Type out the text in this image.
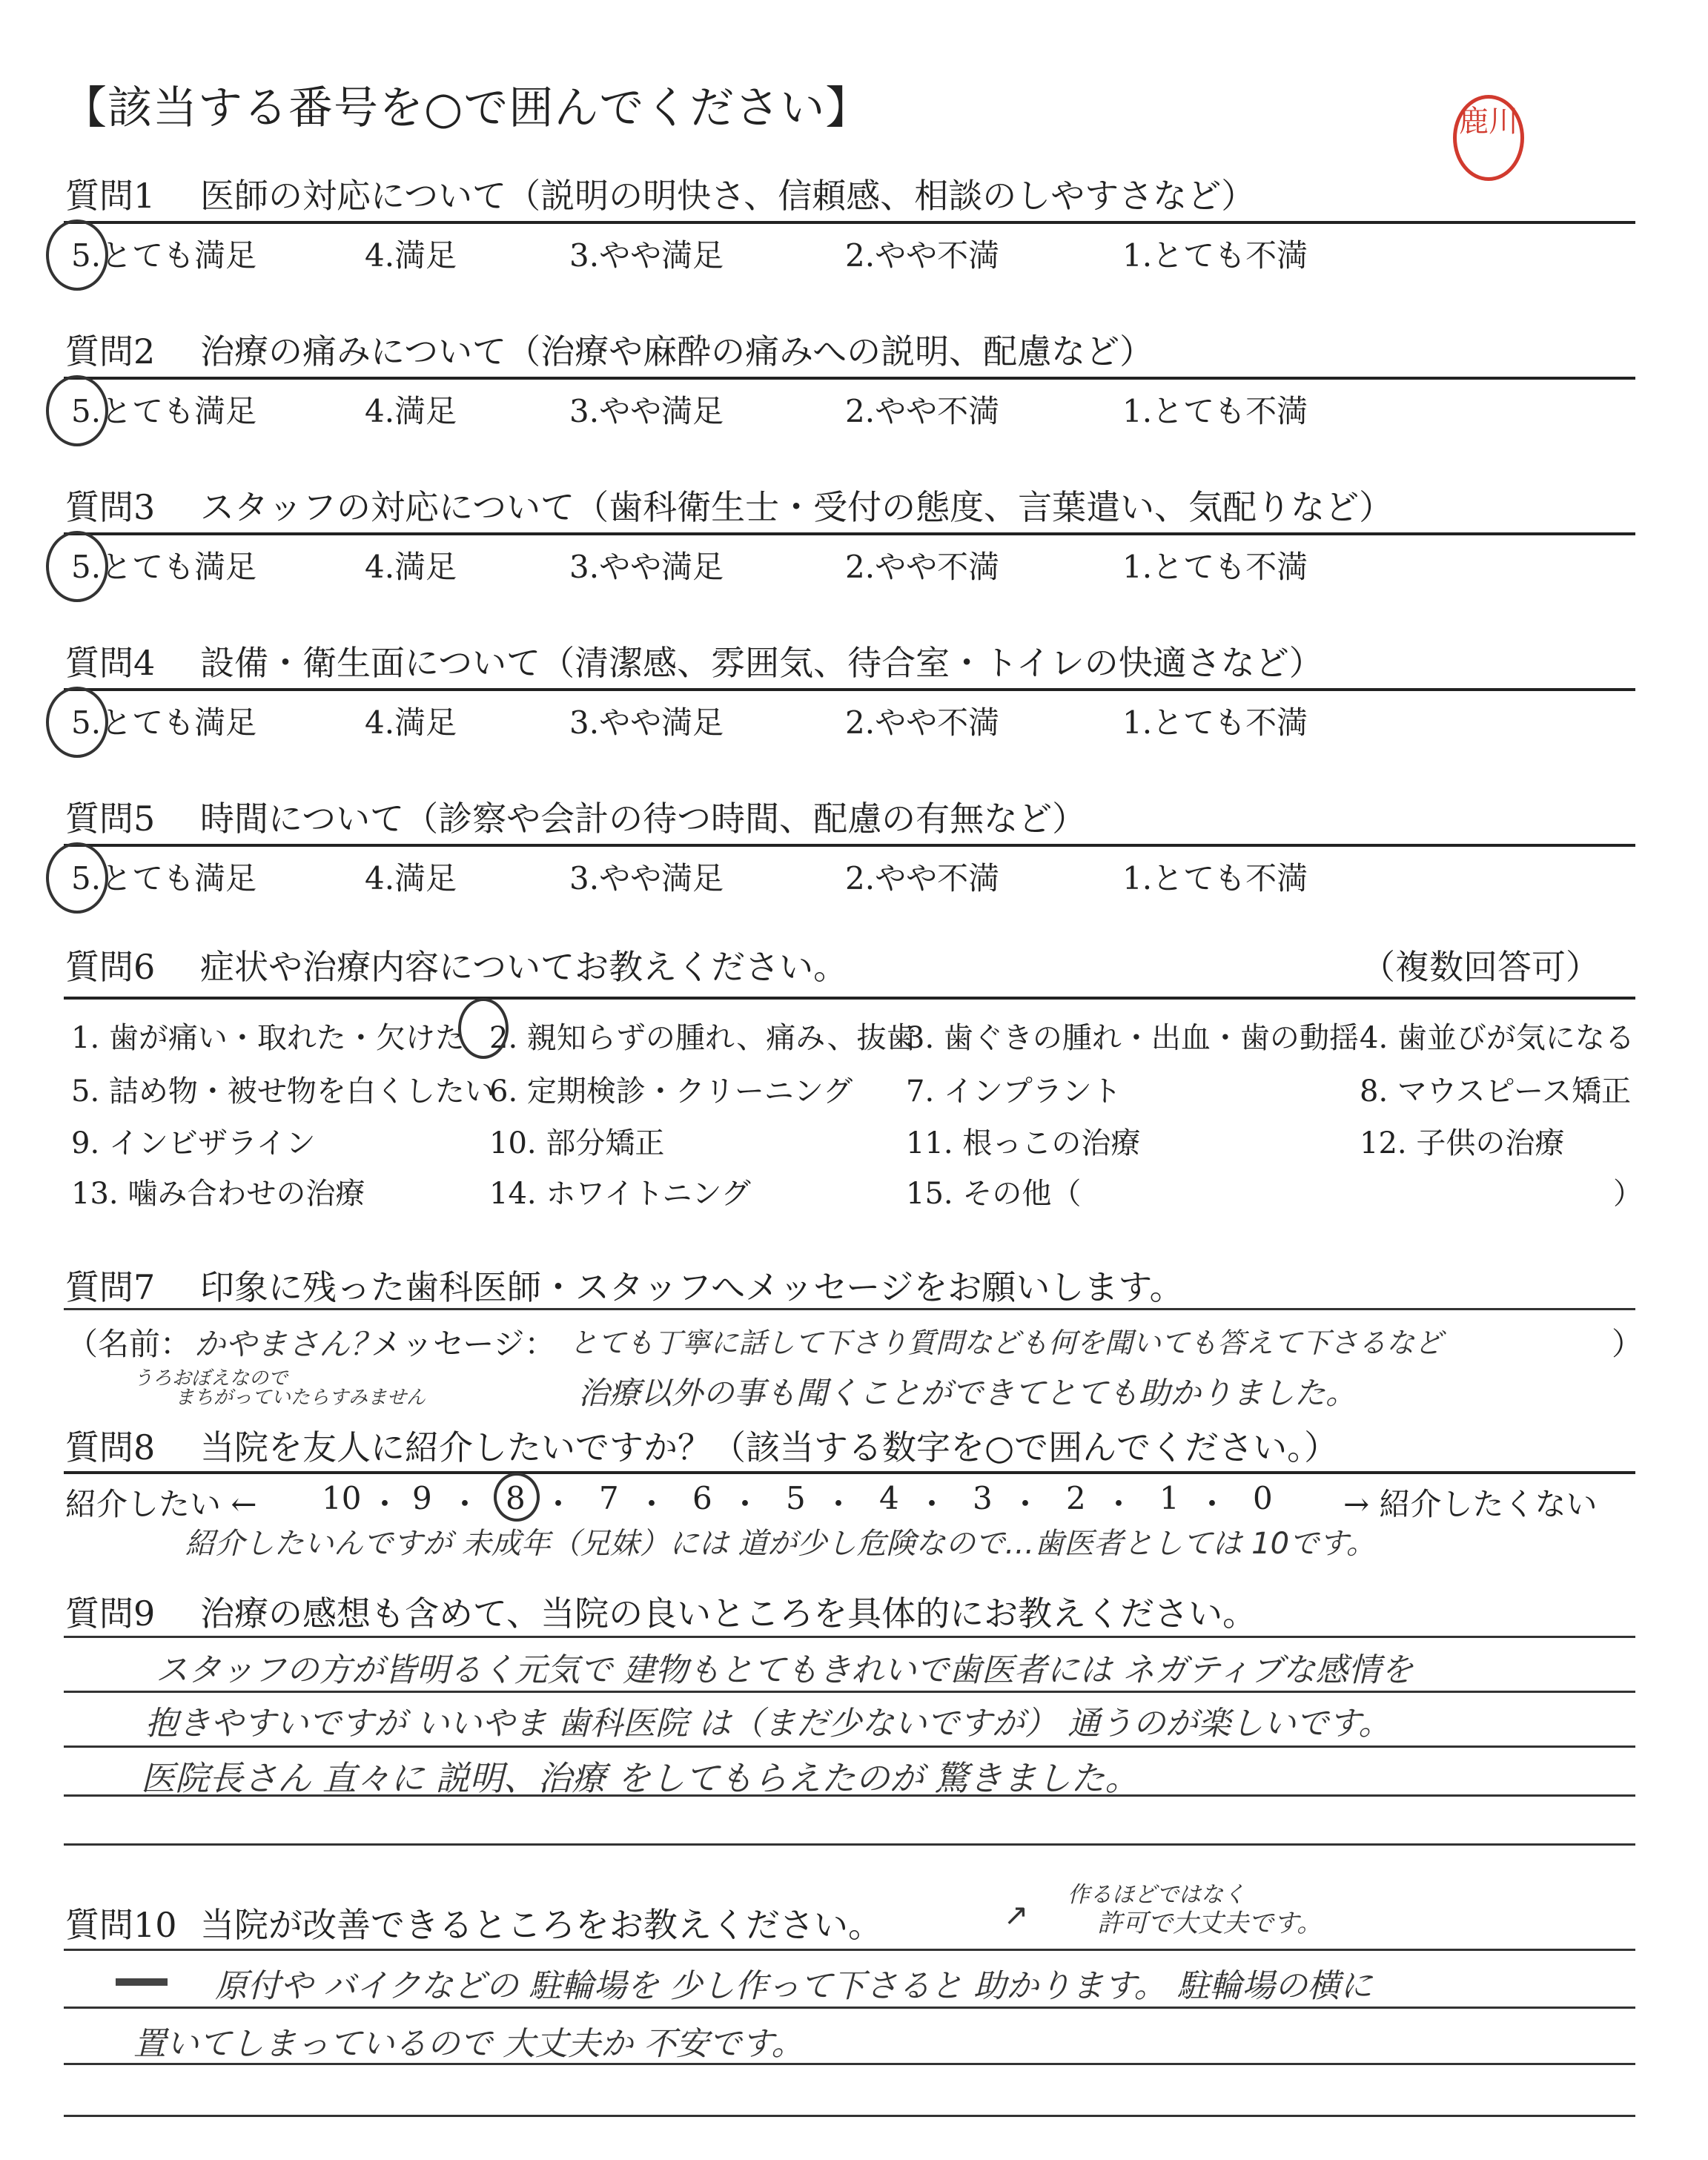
【該当する番号を○で囲んでください】	鹿川
質問1 医師の対応について（説明の明快さ、信頼感、相談のしやすさなど）
5.とても満足	4.満足	3.やや満足	2.やや不満	1.とても不満
質問2 治療の痛みについて（治療や麻酔の痛みへの説明、配慮など）
5.とても満足	4.満足	3.やや満足	2.やや不満	1.とても不満
質問3 スタッフの対応について（歯科衛生士・受付の態度、言葉遣い、気配りなど）
5.とても満足	4.満足	3.やや満足	2.やや不満	1.とても不満
質問4 設備・衛生面について（清潔感、雰囲気、待合室・トイレの快適さなど）
5.とても満足	4.満足	3.やや満足	2.やや不満	1.とても不満
質問5 時間について（診察や会計の待つ時間、配慮の有無など）
5.とても満足	4.満足	3.やや満足	2.やや不満	1.とても不満
質問6 症状や治療内容についてお教えください。	（複数回答可）
1. 歯が痛い・取れた・欠けた 2. 親知らずの腫れ、痛み、抜歯
3. 歯ぐきの腫れ・出血・歯の動揺 4. 歯並びが気になる
5. 詰め物・被せ物を白くしたい
6. 定期検診・クリーニング 7. インプラント	8. マウスピース矯正
9. インビザライン	10. 部分矯正	11. 根っこの治療	12. 子供の治療
13. 噛み合わせの治療	14. ホワイトニング	15. その他（	）
質問7 印象に残った歯科医師・スタッフへメッセージをお願いします。
（名前： かやまさん？
うろおぼえなので
まちがっていたらすみません
メッセージ： とても丁寧に話して下さり質問なども何を聞いても答えて下さるなど
治療以外の事も聞くことができてとても助かりました。
）
質問8 当院を友人に紹介したいですか？（該当する数字を○で囲んでください。）
紹介したい ← 10 ・ 9 ・ 8 ・ 7 ・ 6 ・ 5 ・ 4 ・ 3 ・ 2 ・ 1 ・ 0 → 紹介したくない
紹介したいんですが 未成年（兄妹）には 道が少し危険なので…歯医者としては 10です。
質問9 治療の感想も含めて、当院の良いところを具体的にお教えください。
スタッフの方が皆明るく元気で 建物もとてもきれいで歯医者には ネガティブな感情を
抱きやすいですが いいやま 歯科医院 は（まだ少ないですが） 通うのが楽しいです。
医院長さん 直々に 説明、治療 をしてもらえたのが 驚きました。
質問10 当院が改善できるところをお教えください。	↗
作るほどではなく
許可で大丈夫です。
原付や バイクなどの 駐輪場を 少し作って下さると 助かります。 駐輪場の横に
置いてしまっているので 大丈夫か 不安です。
